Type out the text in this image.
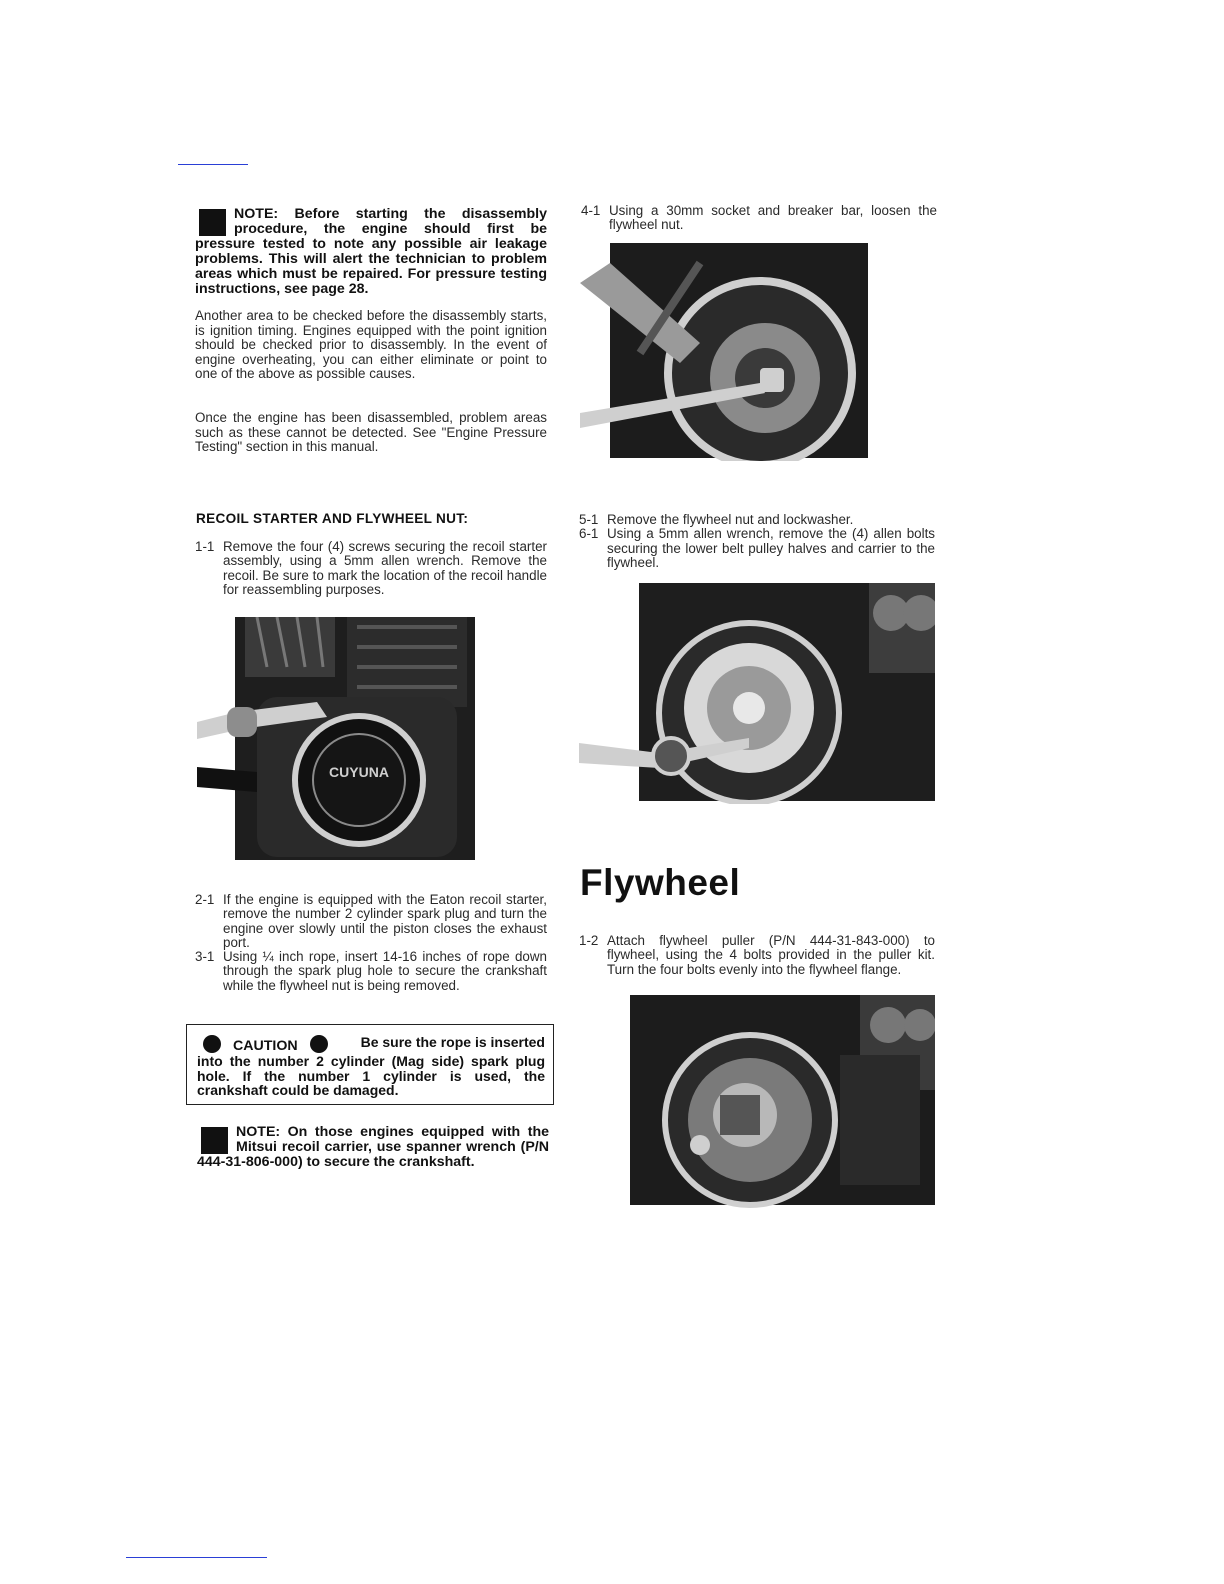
NOTE: Before starting the disassembly procedure, the engine should first be pressure tested to note any possible air leakage problems. This will alert the technician to problem areas which must be repaired. For pressure testing instructions, see page 28.
Another area to be checked before the disassembly starts, is ignition timing. Engines equipped with the point ignition should be checked prior to disassembly. In the event of engine overheating, you can either eliminate or point to one of the above as possible causes.
Once the engine has been disassembled, problem areas such as these cannot be detected. See "Engine Pressure Testing" section in this manual.
RECOIL STARTER AND FLYWHEEL NUT:
1-1 Remove the four (4) screws securing the recoil starter assembly, using a 5mm allen wrench. Remove the recoil. Be sure to mark the location of the recoil handle for reassembling purposes.
CUYUNA
2-1 If the engine is equipped with the Eaton recoil starter, remove the number 2 cylinder spark plug and turn the engine over slowly until the piston closes the exhaust port.
3-1 Using ¼ inch rope, insert 14-16 inches of rope down through the spark plug hole to secure the crankshaft while the flywheel nut is being removed.
CAUTION	Be sure the rope is inserted
into the number 2 cylinder (Mag side) spark plug hole. If the number 1 cylinder is used, the crankshaft could be damaged.
NOTE: On those engines equipped with the Mitsui recoil carrier, use spanner wrench (P/N 444-31-806-000) to secure the crankshaft.
4-1 Using a 30mm socket and breaker bar, loosen the flywheel nut.
5-1 Remove the flywheel nut and lockwasher.
6-1 Using a 5mm allen wrench, remove the (4) allen bolts securing the lower belt pulley halves and carrier to the flywheel.
Flywheel
1-2 Attach flywheel puller (P/N 444-31-843-000) to flywheel, using the 4 bolts provided in the puller kit. Turn the four bolts evenly into the flywheel flange.
